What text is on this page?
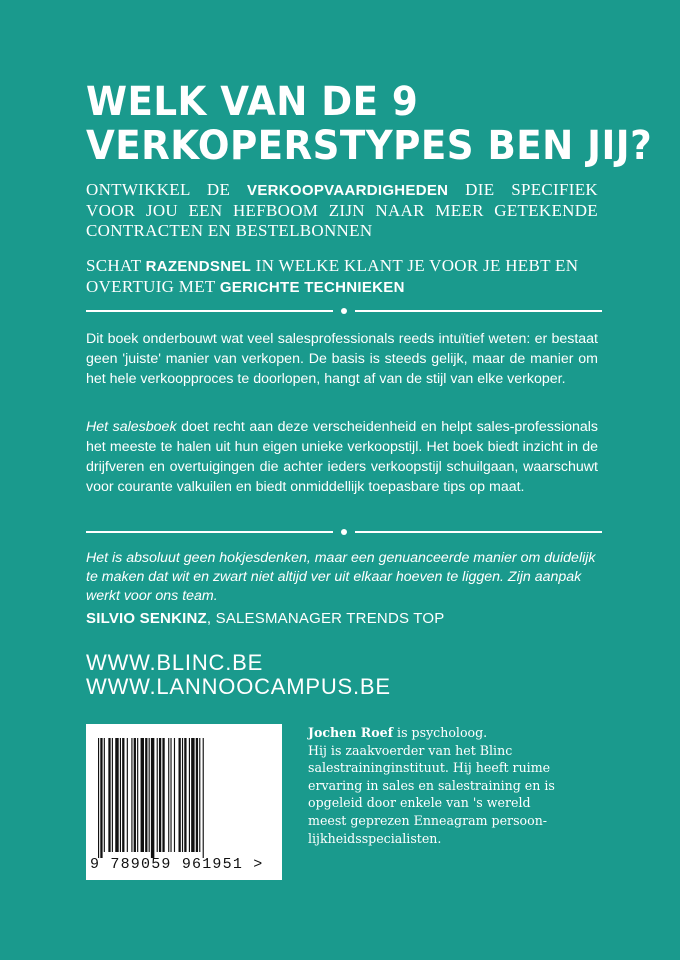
WELK VAN DE 9
VERKOPERSTYPES BEN JIJ?
ONTWIKKEL DE VERKOOPVAARDIGHEDEN DIE SPECIFIEK VOOR JOU EEN HEFBOOM ZIJN NAAR MEER GETEKENDE CONTRACTEN EN BESTELBONNEN
SCHAT RAZENDSNEL IN WELKE KLANT JE VOOR JE HEBT EN OVERTUIG MET GERICHTE TECHNIEKEN
Dit boek onderbouwt wat veel salesprofessionals reeds intuïtief weten: er bestaat geen 'juiste' manier van verkopen. De basis is steeds gelijk, maar de manier om het hele verkoopproces te doorlopen, hangt af van de stijl van elke verkoper.
Het salesboek doet recht aan deze verscheidenheid en helpt sales-professionals het meeste te halen uit hun eigen unieke verkoopstijl. Het boek biedt inzicht in de drijfveren en overtuigingen die achter ieders verkoopstijl schuilgaan, waarschuwt voor courante valkuilen en biedt onmiddellijk toepasbare tips op maat.
Het is absoluut geen hokjesdenken, maar een genuanceerde manier om duidelijk te maken dat wit en zwart niet altijd ver uit elkaar hoeven te liggen. Zijn aanpak werkt voor ons team.
SILVIO SENKINZ, SALESMANAGER TRENDS TOP
WWW.BLINC.BE
WWW.LANNOOCAMPUS.BE
9 789059 961951 >
Jochen Roef is psycholoog.
Hij is zaakvoerder van het Blinc
salestraininginstituut. Hij heeft ruime
ervaring in sales en salestraining en is
opgeleid door enkele van 's wereld
meest geprezen Enneagram persoon-
lijkheidsspecialisten.
